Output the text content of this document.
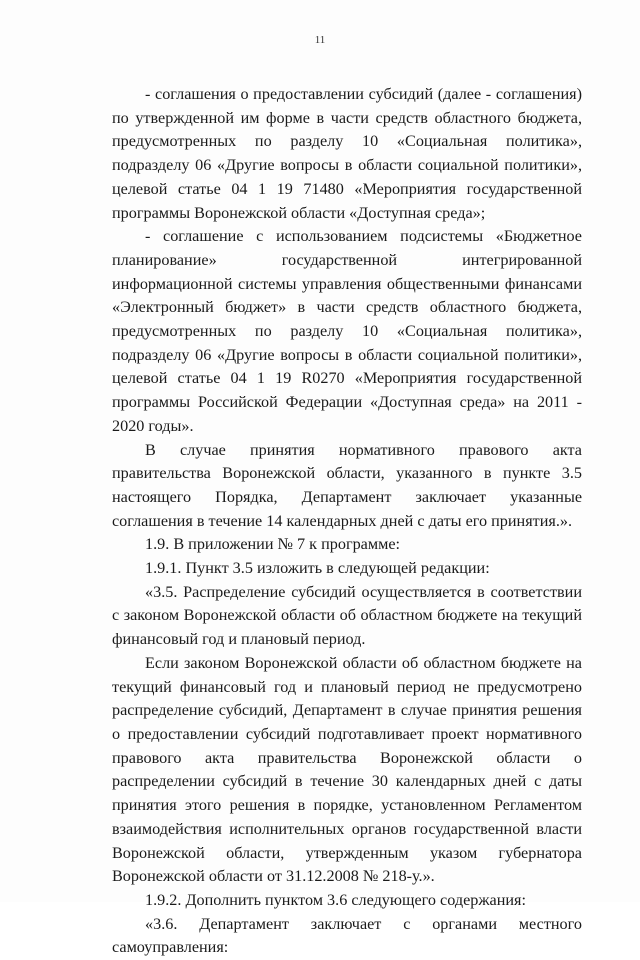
11

- соглашения о предоставлении субсидий (далее - соглашения) по утвержденной им форме в части средств областного бюджета, предусмотренных по разделу 10 «Социальная политика», подразделу 06 «Другие вопросы в области социальной политики», целевой статье 04 1 19 71480 «Мероприятия государственной программы Воронежской области «Доступная среда»;

- соглашение с использованием подсистемы «Бюджетное планирование» государственной интегрированной информационной системы управления общественными финансами «Электронный бюджет» в части средств областного бюджета, предусмотренных по разделу 10 «Социальная политика», подразделу 06 «Другие вопросы в области социальной политики», целевой статье 04 1 19 R0270 «Мероприятия государственной программы Российской Федерации «Доступная среда» на 2011 - 2020 годы».

В случае принятия нормативного правового акта правительства Воронежской области, указанного в пункте 3.5 настоящего Порядка, Департамент заключает указанные соглашения в течение 14 календарных дней с даты его принятия.».

1.9. В приложении № 7 к программе:

1.9.1. Пункт 3.5 изложить в следующей редакции:

«3.5. Распределение субсидий осуществляется в соответствии с законом Воронежской области об областном бюджете на текущий финансовый год и плановый период.

Если законом Воронежской области об областном бюджете на текущий финансовый год и плановый период не предусмотрено распределение субсидий, Департамент в случае принятия решения о предоставлении субсидий подготавливает проект нормативного правового акта правительства Воронежской области о распределении субсидий в течение 30 календарных дней с даты принятия этого решения в порядке, установленном Регламентом взаимодействия исполнительных органов государственной власти Воронежской области, утвержденным указом губернатора Воронежской области от 31.12.2008 № 218-у.».

1.9.2. Дополнить пунктом 3.6 следующего содержания:

«3.6. Департамент заключает с органами местного самоуправления:
